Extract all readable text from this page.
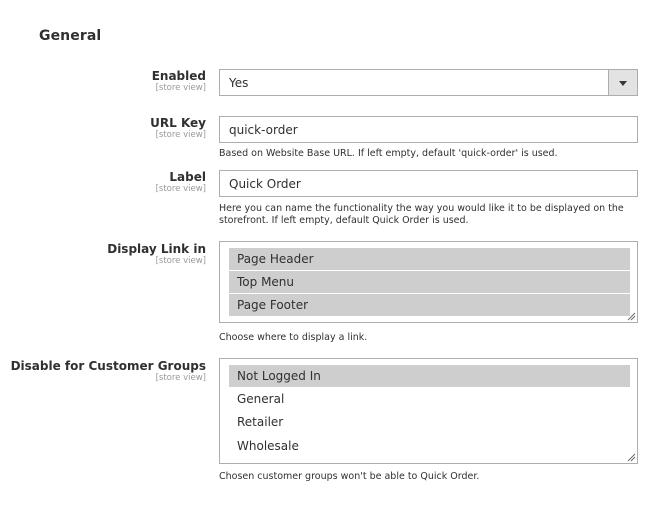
General
Enabled
[store view] Yes
URL Key
[store view]
quick-order
Based on Website Base URL. If left empty, default 'quick-order' is used.
Label
[store view]
Quick Order
Here you can name the functionality the way you would like it to be displayed on the
storefront. If left empty, default Quick Order is used.
Display Link in
[store view]	Page Header
Top Menu
Page Footer
Choose where to display a link.
Disable for Customer Groups
[store view]	Not Logged In
General
Retailer
Wholesale
Chosen customer groups won't be able to Quick Order.
